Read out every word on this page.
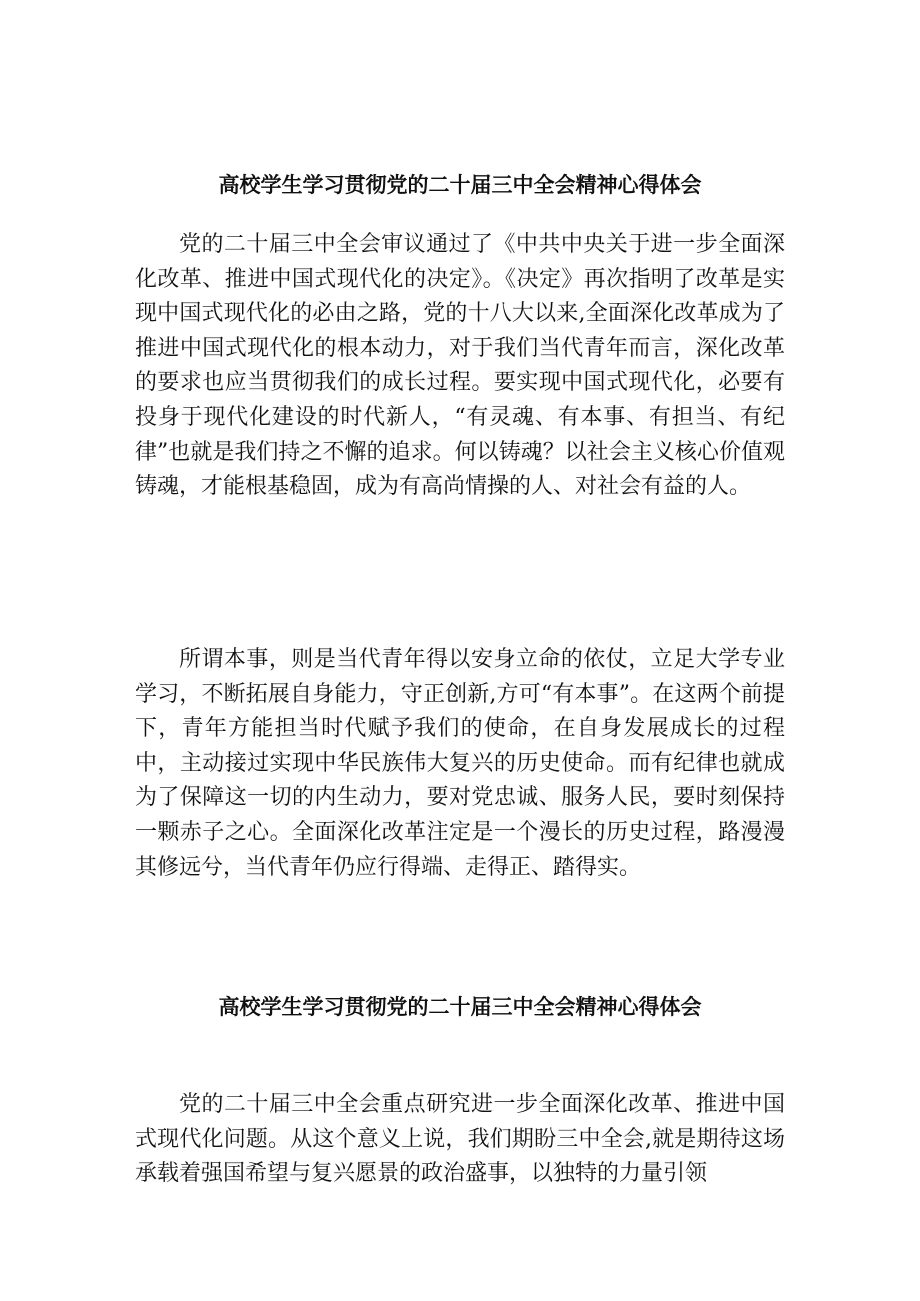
高校学生学习贯彻党的二十届三中全会精神心得体会

党的二十届三中全会审议通过了《中共中央关于进一步全面深化改革、推进中国式现代化的决定》。《决定》再次指明了改革是实现中国式现代化的必由之路，党的十八大以来,全面深化改革成为了推进中国式现代化的根本动力，对于我们当代青年而言，深化改革的要求也应当贯彻我们的成长过程。要实现中国式现代化，必要有投身于现代化建设的时代新人，“有灵魂、有本事、有担当、有纪律”也就是我们持之不懈的追求。何以铸魂？以社会主义核心价值观铸魂，才能根基稳固，成为有高尚情操的人、对社会有益的人。

所谓本事，则是当代青年得以安身立命的依仗，立足大学专业学习，不断拓展自身能力，守正创新,方可“有本事”。在这两个前提下，青年方能担当时代赋予我们的使命，在自身发展成长的过程中，主动接过实现中华民族伟大复兴的历史使命。而有纪律也就成为了保障这一切的内生动力，要对党忠诚、服务人民，要时刻保持一颗赤子之心。全面深化改革注定是一个漫长的历史过程，路漫漫其修远兮，当代青年仍应行得端、走得正、踏得实。

高校学生学习贯彻党的二十届三中全会精神心得体会

党的二十届三中全会重点研究进一步全面深化改革、推进中国式现代化问题。从这个意义上说，我们期盼三中全会,就是期待这场承载着强国希望与复兴愿景的政治盛事，以独特的力量引领
